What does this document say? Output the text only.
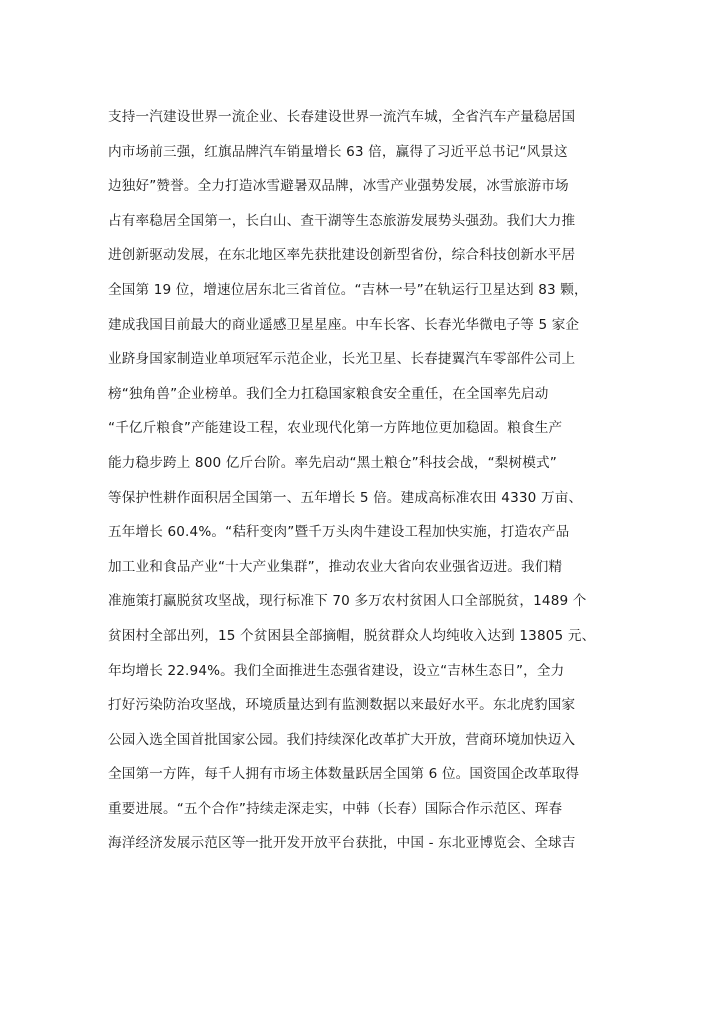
支持一汽建设世界一流企业、长春建设世界一流汽车城，全省汽车产量稳居国
内市场前三强，红旗品牌汽车销量增长 63 倍，赢得了习近平总书记“风景这
边独好”赞誉。全力打造冰雪避暑双品牌，冰雪产业强势发展，冰雪旅游市场
占有率稳居全国第一，长白山、查干湖等生态旅游发展势头强劲。我们大力推
进创新驱动发展，在东北地区率先获批建设创新型省份，综合科技创新水平居
全国第 19 位，增速位居东北三省首位。“吉林一号”在轨运行卫星达到 83 颗，
建成我国目前最大的商业遥感卫星星座。中车长客、长春光华微电子等 5 家企
业跻身国家制造业单项冠军示范企业，长光卫星、长春捷翼汽车零部件公司上
榜“独角兽”企业榜单。我们全力扛稳国家粮食安全重任，在全国率先启动
“千亿斤粮食”产能建设工程，农业现代化第一方阵地位更加稳固。粮食生产
能力稳步跨上 800 亿斤台阶。率先启动“黑土粮仓”科技会战，“梨树模式”
等保护性耕作面积居全国第一、五年增长 5 倍。建成高标准农田 4330 万亩、
五年增长 60.4%。“秸秆变肉”暨千万头肉牛建设工程加快实施，打造农产品
加工业和食品产业“十大产业集群”，推动农业大省向农业强省迈进。我们精
准施策打赢脱贫攻坚战，现行标准下 70 多万农村贫困人口全部脱贫，1489 个
贫困村全部出列，15 个贫困县全部摘帽，脱贫群众人均纯收入达到 13805 元、
年均增长 22.94%。我们全面推进生态强省建设，设立“吉林生态日”，全力
打好污染防治攻坚战，环境质量达到有监测数据以来最好水平。东北虎豹国家
公园入选全国首批国家公园。我们持续深化改革扩大开放，营商环境加快迈入
全国第一方阵，每千人拥有市场主体数量跃居全国第 6 位。国资国企改革取得
重要进展。“五个合作”持续走深走实，中韩（长春）国际合作示范区、珲春
海洋经济发展示范区等一批开发开放平台获批，中国 - 东北亚博览会、全球吉
